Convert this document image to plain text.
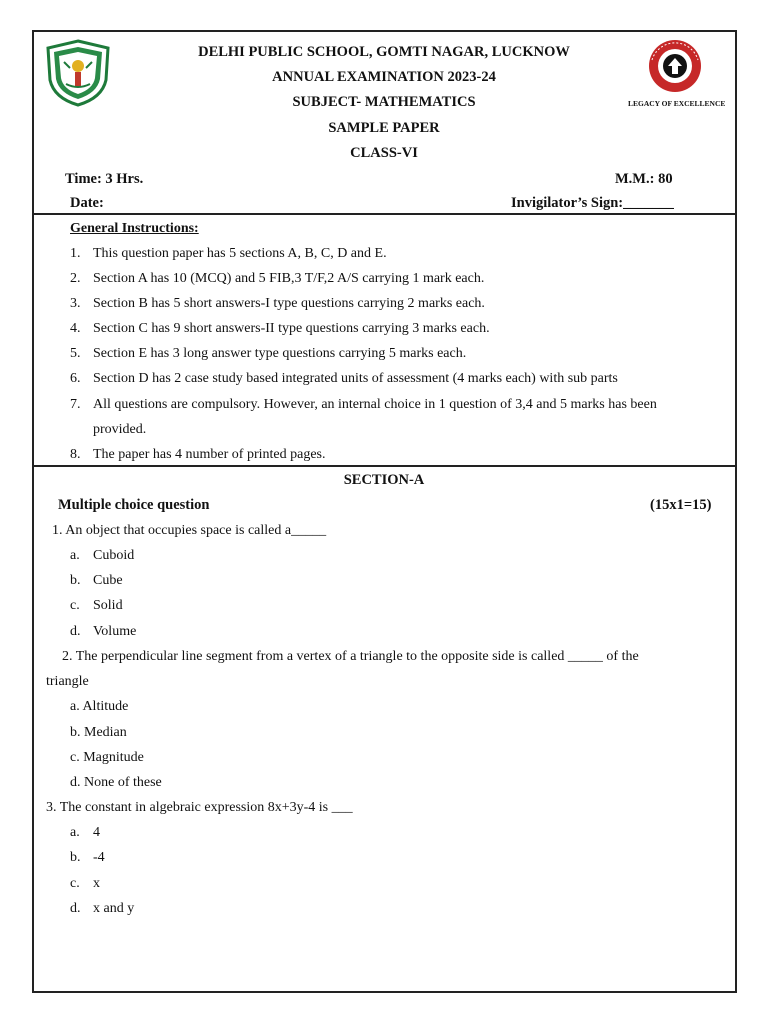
LEGACY OF EXCELLENCE
DELHI PUBLIC SCHOOL, GOMTI NAGAR, LUCKNOW
ANNUAL EXAMINATION 2023-24
SUBJECT- MATHEMATICS
SAMPLE PAPER
CLASS-VI
Time: 3 Hrs.	M.M.: 80
Date:	Invigilator’s Sign:_______
General Instructions:
1. This question paper has 5 sections A, B, C, D and E.
2. Section A has 10 (MCQ) and 5 FIB,3 T/F,2 A/S carrying 1 mark each.
3. Section B has 5 short answers-I type questions carrying 2 marks each.
4. Section C has 9 short answers-II type questions carrying 3 marks each.
5. Section E has 3 long answer type questions carrying 5 marks each.
6. Section D has 2 case study based integrated units of assessment (4 marks each) with sub parts
7. All questions are compulsory. However, an internal choice in 1 question of 3,4 and 5 marks has been
provided.
8. The paper has 4 number of printed pages.
SECTION-A
Multiple choice question	(15x1=15)
1. An object that occupies space is called a_____
a. Cuboid
b. Cube
c. Solid
d. Volume
2. The perpendicular line segment from a vertex of a triangle to the opposite side is called _____ of the
triangle
a. Altitude
b. Median
c. Magnitude
d. None of these
3. The constant in algebraic expression 8x+3y-4 is ___
a. 4
b. -4
c. x
d. x and y
